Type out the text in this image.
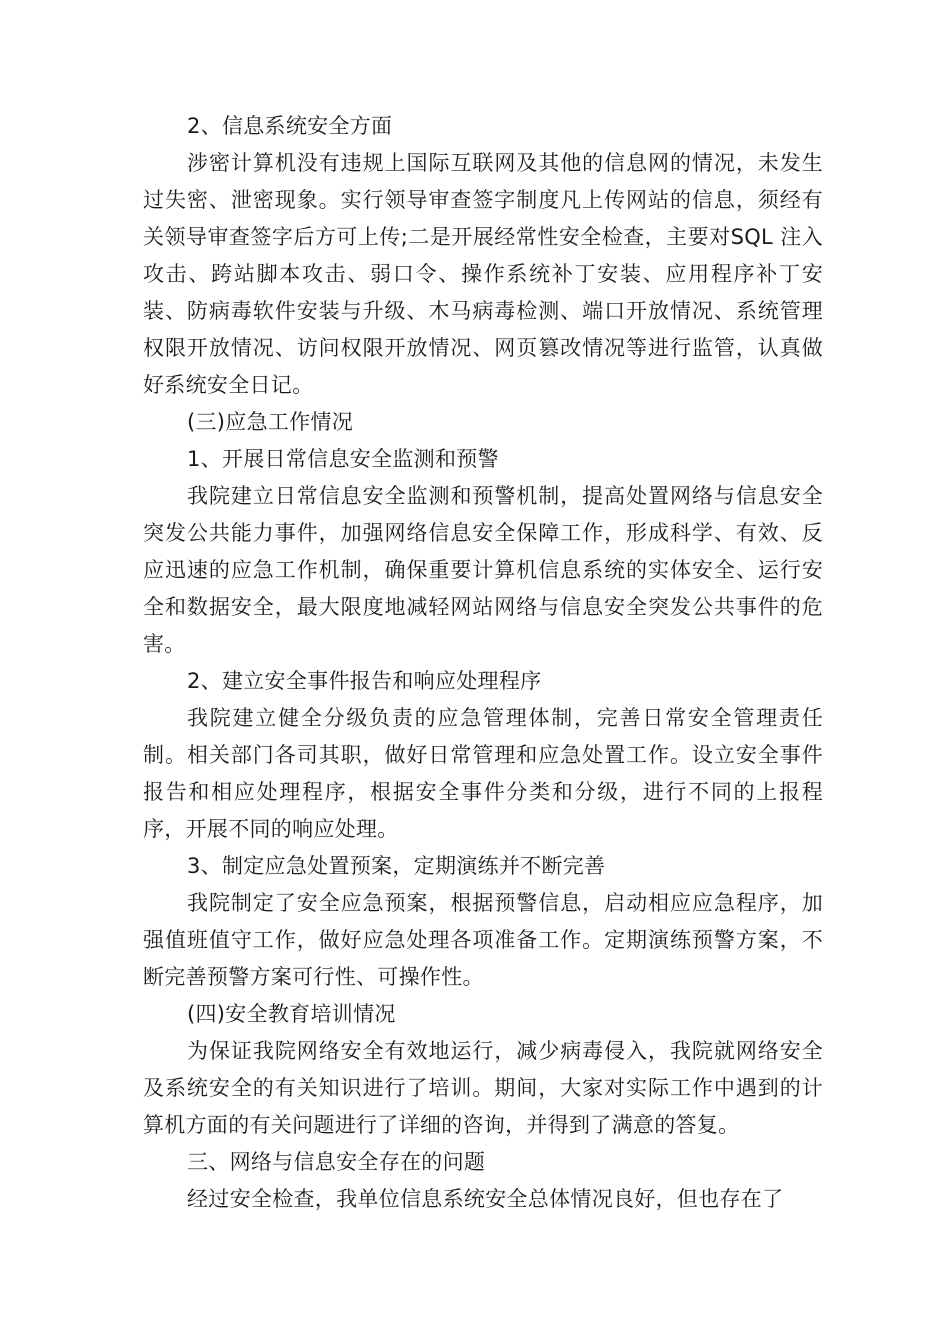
2、信息系统安全方面

涉密计算机没有违规上国际互联网及其他的信息网的情况，未发生过失密、泄密现象。实行领导审查签字制度凡上传网站的信息，须经有关领导审查签字后方可上传;二是开展经常性安全检查，主要对SQL 注入攻击、跨站脚本攻击、弱口令、操作系统补丁安装、应用程序补丁安装、防病毒软件安装与升级、木马病毒检测、端口开放情况、系统管理权限开放情况、访问权限开放情况、网页篡改情况等进行监管，认真做好系统安全日记。

(三)应急工作情况

1、开展日常信息安全监测和预警

我院建立日常信息安全监测和预警机制，提高处置网络与信息安全突发公共能力事件，加强网络信息安全保障工作，形成科学、有效、反应迅速的应急工作机制，确保重要计算机信息系统的实体安全、运行安全和数据安全，最大限度地减轻网站网络与信息安全突发公共事件的危害。

2、建立安全事件报告和响应处理程序

我院建立健全分级负责的应急管理体制，完善日常安全管理责任制。相关部门各司其职，做好日常管理和应急处置工作。设立安全事件报告和相应处理程序，根据安全事件分类和分级，进行不同的上报程序，开展不同的响应处理。

3、制定应急处置预案，定期演练并不断完善

我院制定了安全应急预案，根据预警信息，启动相应应急程序，加强值班值守工作，做好应急处理各项准备工作。定期演练预警方案，不断完善预警方案可行性、可操作性。

(四)安全教育培训情况

为保证我院网络安全有效地运行，减少病毒侵入，我院就网络安全及系统安全的有关知识进行了培训。期间，大家对实际工作中遇到的计算机方面的有关问题进行了详细的咨询，并得到了满意的答复。

三、网络与信息安全存在的问题

经过安全检查，我单位信息系统安全总体情况良好，但也存在了
